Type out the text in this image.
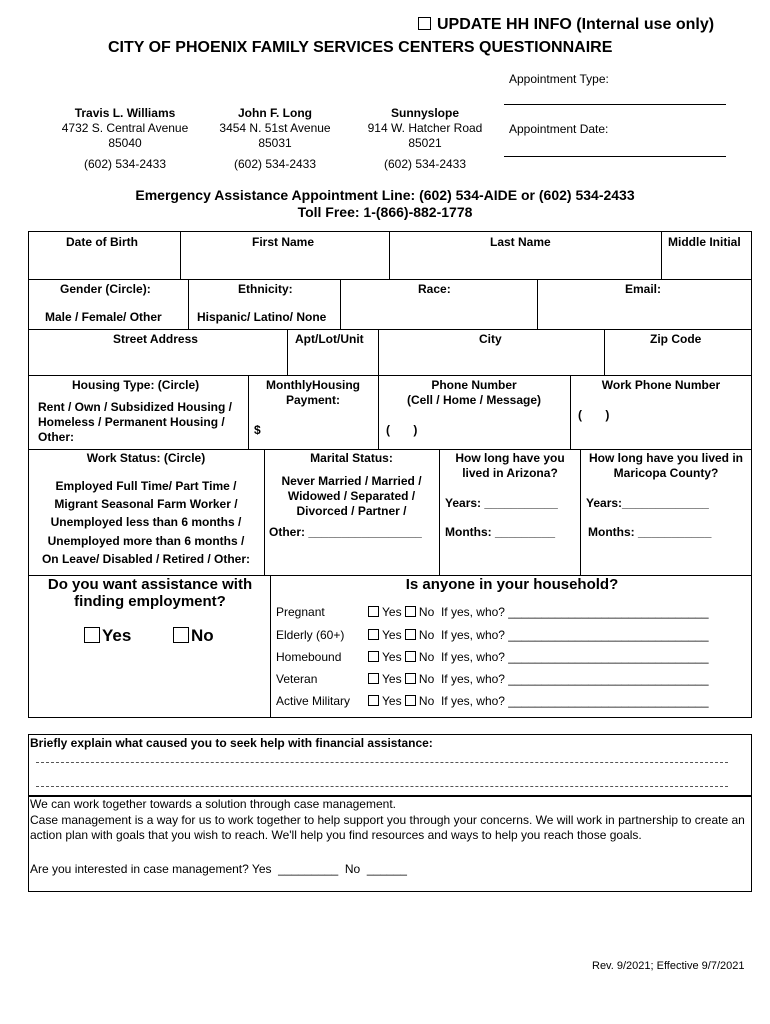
UPDATE HH INFO (Internal use only)
CITY OF PHOENIX FAMILY SERVICES CENTERS QUESTIONNAIRE
Appointment Type:
Appointment Date:
Travis L. Williams
4732 S. Central Avenue
85040
(602) 534-2433
John F. Long
3454 N. 51st Avenue
85031
(602) 534-2433
Sunnyslope
914 W. Hatcher Road
85021
(602) 534-2433
Emergency Assistance Appointment Line: (602) 534-AIDE or (602) 534-2433
Toll Free: 1-(866)-882-1778
Date of Birth	First Name	Last Name	Middle Initial
Gender (Circle):
Male / Female/ Other
Ethnicity:
Hispanic/ Latino/ None
Race:	Email:
Street Address	Apt/Lot/Unit	City	Zip Code
Housing Type: (Circle)
Rent / Own / Subsidized Housing / Homeless / Permanent Housing / Other:
MonthlyHousing Payment:
$
Phone Number
(Cell / Home / Message)
(       )
Work Phone Number
(       )
Work Status: (Circle)
Employed Full Time/ Part Time /
Migrant Seasonal Farm Worker /
Unemployed less than 6 months /
Unemployed more than 6 months /
On Leave/ Disabled / Retired / Other:
Marital Status:
Never Married / Married / Widowed / Separated / Divorced / Partner /
Other: _________________
How long have you lived in Arizona?
Years: ___________
Months: _________
How long have you lived in Maricopa County?
Years:_____________
Months: ___________
Do you want assistance with finding employment?
Yes	No
Is anyone in your household?
Pregnant	Yes No If yes, who? ______________________________
Elderly (60+)	Yes No If yes, who? ______________________________
Homebound	Yes No If yes, who? ______________________________
Veteran	Yes No If yes, who? ______________________________
Active Military	Yes No If yes, who? ______________________________
Briefly explain what caused you to seek help with financial assistance:
We can work together towards a solution through case management.
Case management is a way for us to work together to help support you through your concerns. We will work in partnership to create an action plan with goals that you wish to reach. We'll help you find resources and ways to help you reach those goals.
Are you interested in case management? Yes  _________  No  ______
Rev. 9/2021; Effective 9/7/2021
